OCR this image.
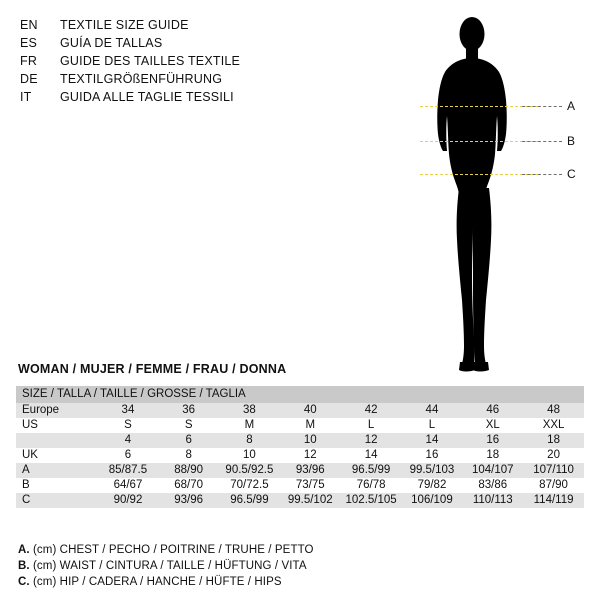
EN	TEXTILE SIZE GUIDE
ES	GUÍA DE TALLAS
FR	GUIDE DES TAILLES TEXTILE
DE	TEXTILGRÖßENFÜHRUNG
IT	GUIDA ALLE TAGLIE TESSILI
A
B
C
WOMAN / MUJER / FEMME / FRAU / DONNA
SIZE / TALLA / TAILLE / GROSSE / TAGLIA								
Europe	34	36	38	40	42	44	46	48
US	S	S	M	M	L	L	XL	XXL
	4	6	8	10	12	14	16	18
UK	6	8	10	12	14	16	18	20
A	85/87.5	88/90	90.5/92.5	93/96	96.5/99	99.5/103	104/107	107/110
B	64/67	68/70	70/72.5	73/75	76/78	79/82	83/86	87/90
C	90/92	93/96	96.5/99	99.5/102	102.5/105	106/109	110/113	114/119
A. (cm) CHEST / PECHO / POITRINE / TRUHE / PETTO
B. (cm) WAIST / CINTURA / TAILLE / HÜFTUNG / VITA
C. (cm) HIP / CADERA / HANCHE / HÜFTE / HIPS
